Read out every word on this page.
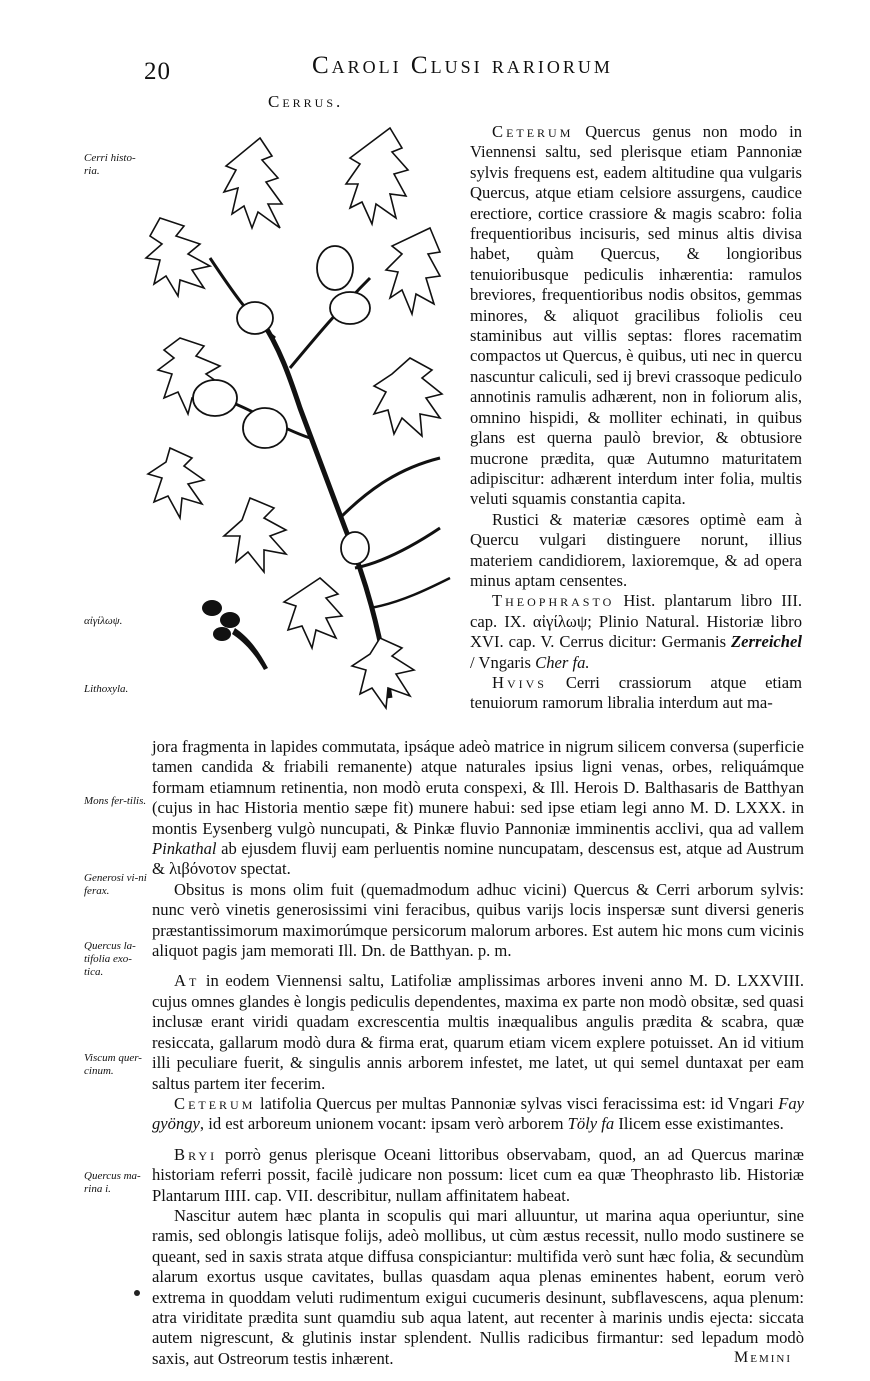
20	Caroli Clusi rariorum
Cerrus.
Cerri histo-ria.
αἰγίλωψ.
Lithoxyla.
Mons fer-tilis.
Generosi vi-ni ferax.
Quercus la-tifolia exo-tica.
Viscum quer-cinum.
Quercus ma-rina i.

Ceterum Quercus genus non modo in Viennensi saltu, sed plerisque etiam Pannoniæ sylvis frequens est, eadem altitudine qua vulgaris Quercus, atque etiam celsiore assurgens, caudice erectiore, cortice crassiore & magis scabro: folia frequentioribus incisuris, sed minus altis divisa habet, quàm Quercus, & longioribus tenuioribusque pediculis inhærentia: ramulos breviores, frequentioribus nodis obsitos, gemmas minores, & aliquot gracilibus foliolis ceu staminibus aut villis septas: flores racematim compactos ut Quercus, è quibus, uti nec in quercu nascuntur caliculi, sed ij brevi crassoque pediculo annotinis ramulis adhærent, non in foliorum alis, omnino hispidi, & molliter echinati, in quibus glans est querna paulò brevior, & obtusiore mucrone prædita, quæ Autumno maturitatem adipiscitur: adhærent interdum inter folia, multis veluti squamis constantia capita.

Rustici & materiæ cæsores optimè eam à Quercu vulgari distinguere norunt, illius materiem candidiorem, laxioremque, & ad opera minus aptam censentes.

Theophrasto Hist. plantarum libro III. cap. IX. αἰγίλωψ; Plinio Natural. Historiæ libro XVI. cap. V. Cerrus dicitur: Germanis Zerreichel / Vngaris Cher fa.

Hvivs Cerri crassiorum atque etiam tenuiorum ramorum libralia interdum aut ma-

jora fragmenta in lapides commutata, ipsáque adeò matrice in nigrum silicem conversa (superficie tamen candida & friabili remanente) atque naturales ipsius ligni venas, orbes, reliquámque formam etiamnum retinentia, non modò eruta conspexi, & Ill. Herois D. Balthasaris de Batthyan (cujus in hac Historia mentio sæpe fit) munere habui: sed ipse etiam legi anno M. D. LXXX. in montis Eysenberg vulgò nuncupati, & Pinkæ fluvio Pannoniæ imminentis acclivi, qua ad vallem Pinkathal ab ejusdem fluvij eam perluentis nomine nuncupatam, descensus est, atque ad Austrum & λιβόνοτον spectat.

Obsitus is mons olim fuit (quemadmodum adhuc vicini) Quercus & Cerri arborum sylvis: nunc verò vinetis generosissimi vini feracibus, quibus varijs locis inspersæ sunt diversi generis præstantissimorum maximorúmque persicorum malorum arbores. Est autem hic mons cum vicinis aliquot pagis jam memorati Ill. Dn. de Batthyan. p. m.

At in eodem Viennensi saltu, Latifoliæ amplissimas arbores inveni anno M. D. LXXVIII. cujus omnes glandes è longis pediculis dependentes, maxima ex parte non modò obsitæ, sed quasi inclusæ erant viridi quadam excrescentia multis inæqualibus angulis prædita & scabra, quæ resiccata, gallarum modò dura & firma erat, quarum etiam vicem explere potuisset. An id vitium illi peculiare fuerit, & singulis annis arborem infestet, me latet, ut qui semel duntaxat per eam saltus partem iter fecerim.

Ceterum latifolia Quercus per multas Pannoniæ sylvas visci feracissima est: id Vngari Fay gyöngy, id est arboreum unionem vocant: ipsam verò arborem Töly fa Ilicem esse existimantes.

Bryi porrò genus plerisque Oceani littoribus observabam, quod, an ad Quercus marinæ historiam referri possit, facilè judicare non possum: licet cum ea quæ Theophrasto lib. Historiæ Plantarum IIII. cap. VII. describitur, nullam affinitatem habeat.

Nascitur autem hæc planta in scopulis qui mari alluuntur, ut marina aqua operiuntur, sine ramis, sed oblongis latisque folijs, adeò mollibus, ut cùm æstus recessit, nullo modo sustinere se queant, sed in saxis strata atque diffusa conspiciantur: multifida verò sunt hæc folia, & secundùm alarum exortus usque cavitates, bullas quasdam aqua plenas eminentes habent, eorum verò extrema in quoddam veluti rudimentum exigui cucumeris desinunt, subflavescens, aqua plenum: atra viriditate prædita sunt quamdiu sub aqua latent, aut recenter à marinis undis ejecta: siccata autem nigrescunt, & glutinis instar splendent. Nullis radicibus firmantur: sed lepadum modò saxis, aut Ostreorum testis inhærent.	Memini
